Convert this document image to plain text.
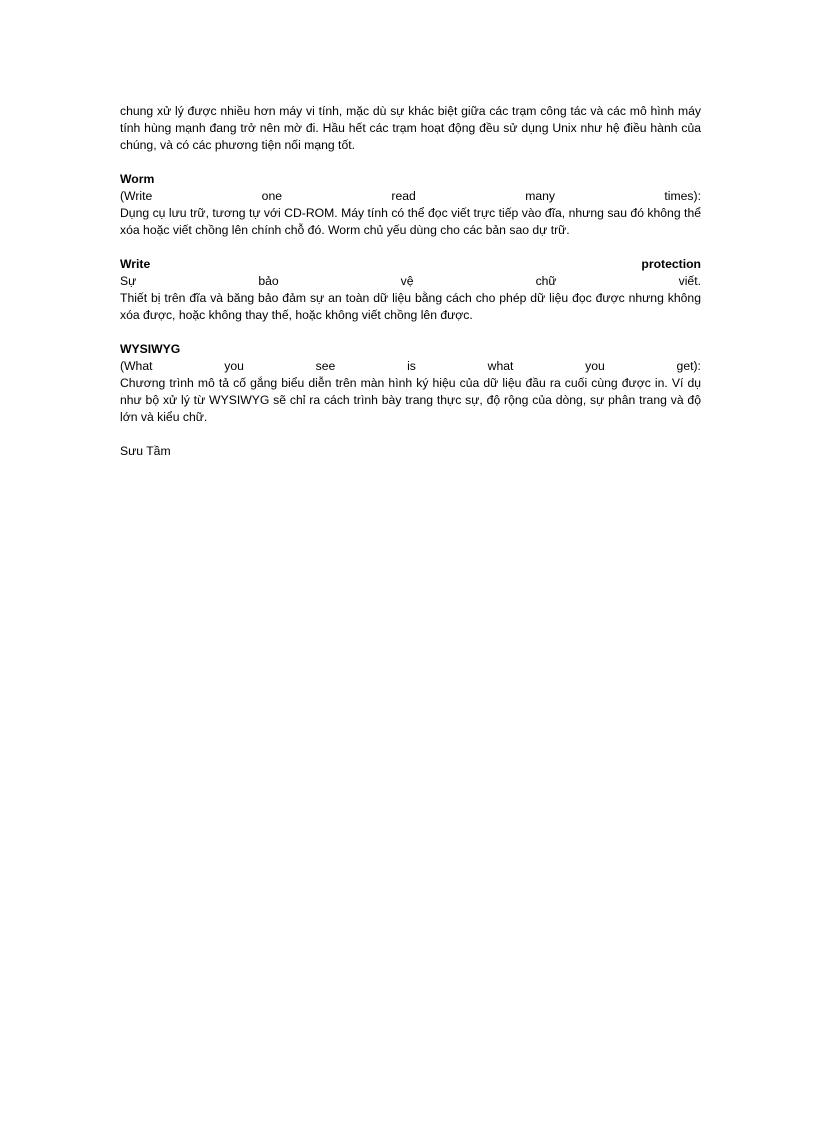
chung xử lý được nhiều hơn máy vi tính, mặc dù sự khác biệt giữa các trạm công tác và các mô hình máy tính hùng mạnh đang trở nên mờ đi. Hầu hết các trạm hoạt động đều sử dụng Unix như hệ điều hành của chúng, và có các phương tiện nối mạng tốt.

Worm

(Write	one	read	many	times):

Dụng cụ lưu trữ, tương tự với CD-ROM. Máy tính có thể đọc viết trực tiếp vào đĩa, nhưng sau đó không thể xóa hoặc viết chồng lên chính chỗ đó. Worm chủ yếu dùng cho các bản sao dự trữ.

Write	protection

Sự	bảo	vệ	chữ	viết.

Thiết bị trên đĩa và băng bảo đảm sự an toàn dữ liệu bằng cách cho phép dữ liệu đọc được nhưng không xóa được, hoặc không thay thế, hoặc không viết chồng lên được.

WYSIWYG

(What	you	see	is	what	you	get):

Chương trình mô tả cố gắng biểu diễn trên màn hình ký hiệu của dữ liệu đầu ra cuối cùng được in. Ví dụ như bộ xử lý từ WYSIWYG sẽ chỉ ra cách trình bày trang thực sự, độ rộng của dòng, sự phân trang và độ lớn và kiểu chữ.

Sưu Tầm
